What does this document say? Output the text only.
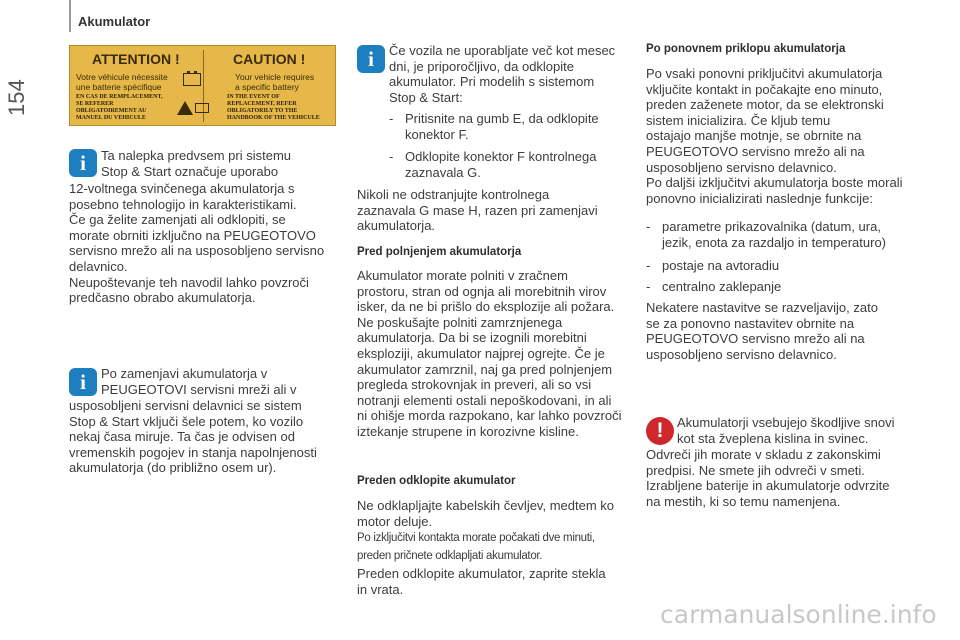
154
Akumulator
ATTENTION !	CAUTION !
Votre véhicule nécessite
une batterie spécifique
Your vehicle requires
a specific battery
EN CAS DE REMPLACEMENT,
SE REFERER
OBLIGATOIREMENT AU
MANUEL DU VEHICULE
IN THE EVENT OF
REPLACEMENT, REFER
OBLIGATORILY TO THE
HANDBOOK OF THE VEHICULE
i	Ta nalepka predvsem pri sistemu
Stop & Start označuje uporabo
12-voltnega svinčenega akumulatorja s
posebno tehnologijo in karakteristikami.
Če ga želite zamenjati ali odklopiti, se
morate obrniti izključno na PEUGEOTOVO
servisno mrežo ali na usposobljeno servisno
delavnico.
Neupoštevanje teh navodil lahko povzroči
predčasno obrabo akumulatorja.
i	Po zamenjavi akumulatorja v
PEUGEOTOVI servisni mreži ali v
usposobljeni servisni delavnici se sistem
Stop & Start vključi šele potem, ko vozilo
nekaj časa miruje. Ta čas je odvisen od
vremenskih pogojev in stanja napolnjenosti
akumulatorja (do približno osem ur).
i	Če vozila ne uporabljate več kot mesec
dni, je priporočljivo, da odklopite
akumulator. Pri modelih s sistemom
Stop & Start:
- Pritisnite na gumb E, da odklopite
konektor F.
- Odklopite konektor F kontrolnega
zaznavala G.
Nikoli ne odstranjujte kontrolnega
zaznavala G mase H, razen pri zamenjavi
akumulatorja.
Pred polnjenjem akumulatorja
Akumulator morate polniti v zračnem
prostoru, stran od ognja ali morebitnih virov
isker, da ne bi prišlo do eksplozije ali požara.
Ne poskušajte polniti zamrznjenega
akumulatorja. Da bi se izognili morebitni
eksploziji, akumulator najprej ogrejte. Če je
akumulator zamrznil, naj ga pred polnjenjem
pregleda strokovnjak in preveri, ali so vsi
notranji elementi ostali nepoškodovani, in ali
ni ohišje morda razpokano, kar lahko povzroči
iztekanje strupene in korozivne kisline.
Preden odklopite akumulator
Ne odklapljajte kabelskih čevljev, medtem ko
motor deluje.
Po izključitvi kontakta morate počakati dve minuti,
preden pričnete odklapljati akumulator.
Preden odklopite akumulator, zaprite stekla
in vrata.
Po ponovnem priklopu akumulatorja
Po vsaki ponovni priključitvi akumulatorja
vključite kontakt in počakajte eno minuto,
preden zaženete motor, da se elektronski
sistem inicializira. Če kljub temu
ostajajo manjše motnje, se obrnite na
PEUGEOTOVO servisno mrežo ali na
usposobljeno servisno delavnico.
Po daljši izključitvi akumulatorja boste morali
ponovno inicializirati naslednje funkcije:
- parametre prikazovalnika (datum, ura,
jezik, enota za razdaljo in temperaturo)
- postaje na avtoradiu
- centralno zaklepanje
Nekatere nastavitve se razveljavijo, zato
se za ponovno nastavitev obrnite na
PEUGEOTOVO servisno mrežo ali na
usposobljeno servisno delavnico.
!	Akumulatorji vsebujejo škodljive snovi
kot sta žveplena kislina in svinec.
Odvreči jih morate v skladu z zakonskimi
predpisi. Ne smete jih odvreči v smeti.
Izrabljene baterije in akumulatorje odvrzite
na mestih, ki so temu namenjena.
carmanualsonline.info
